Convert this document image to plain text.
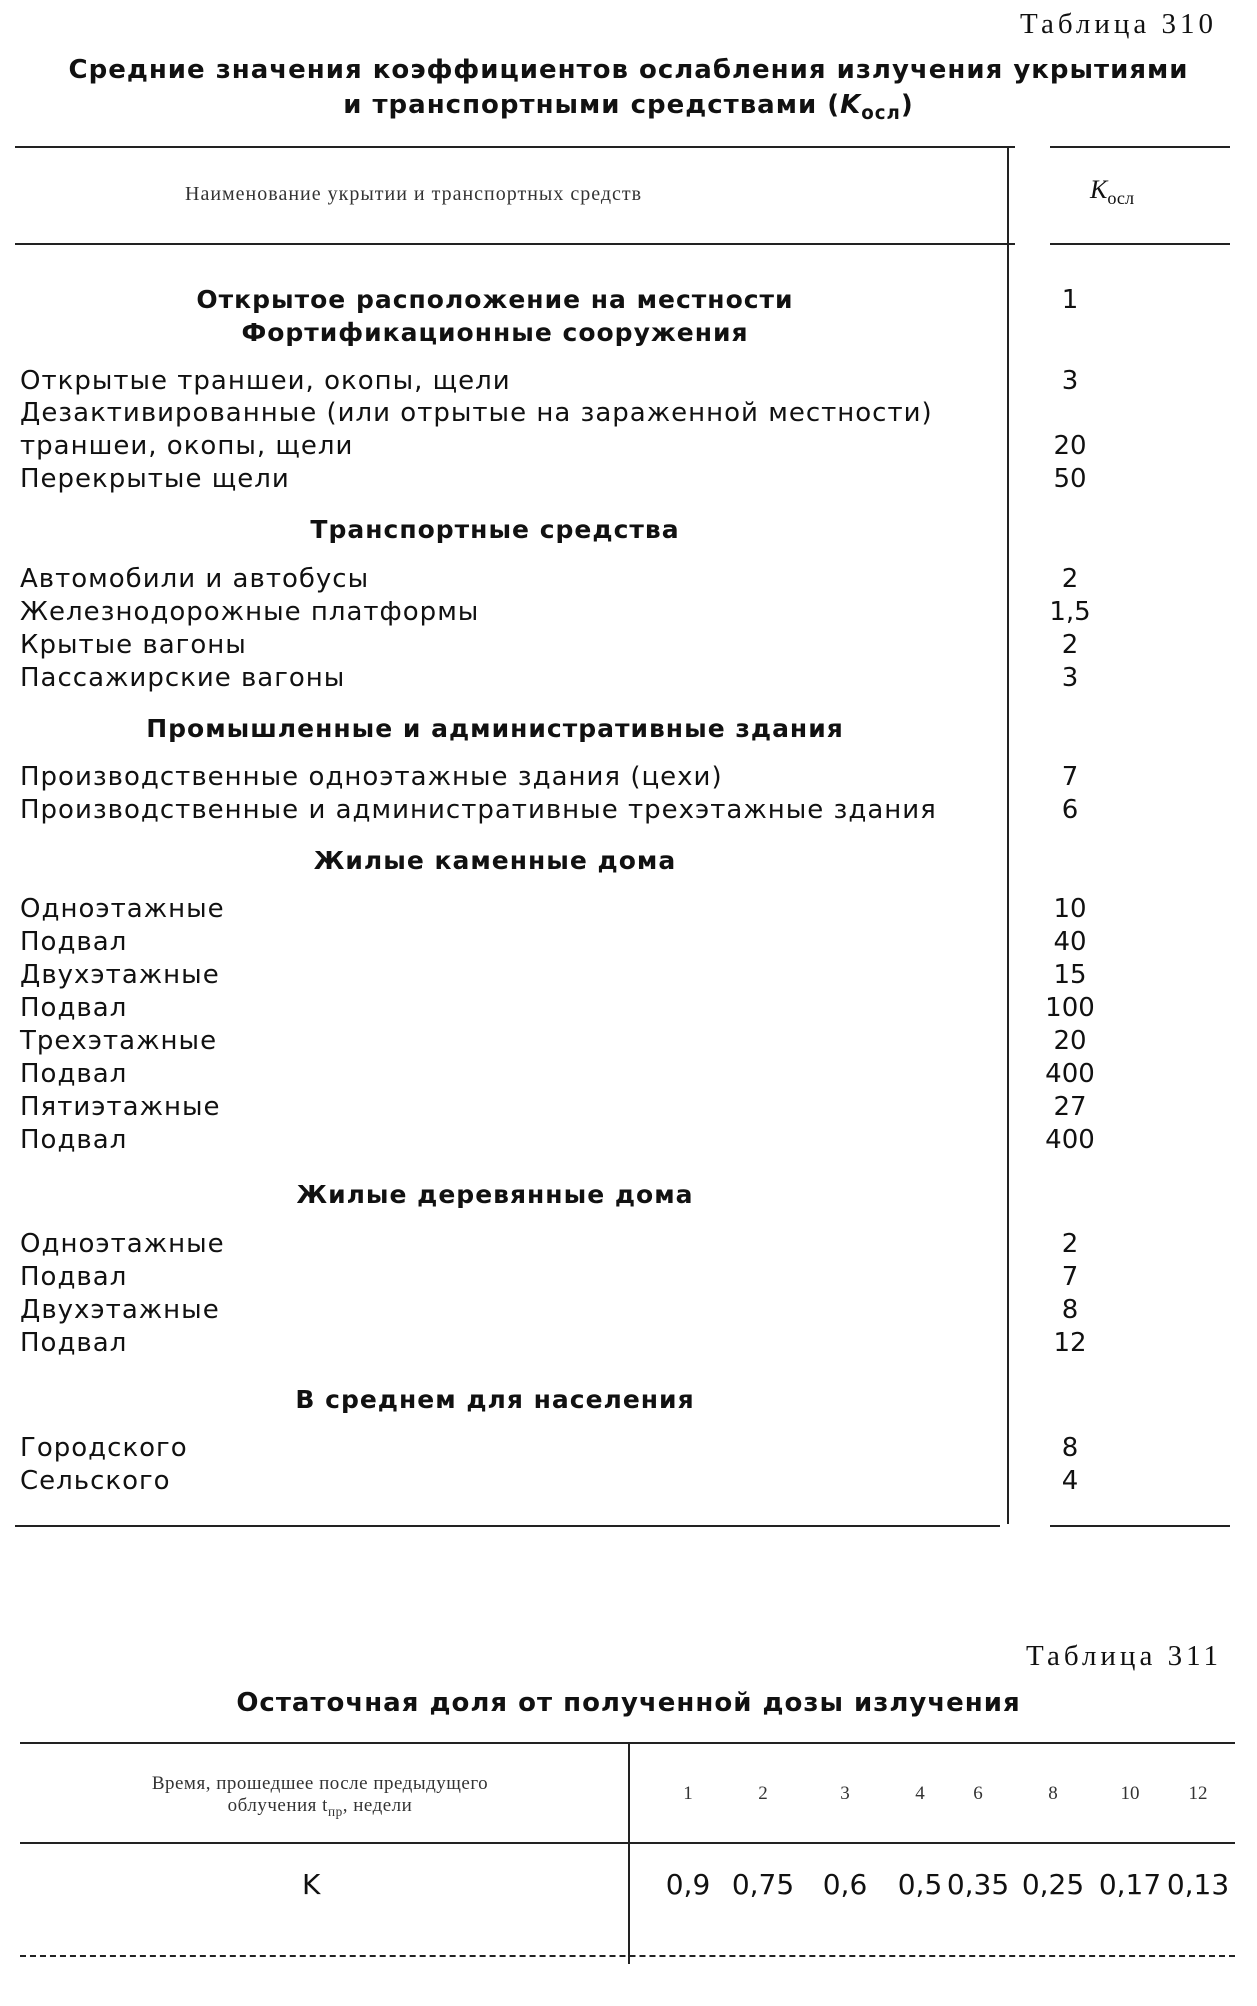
Таблица 310
Средние значения коэффициентов ослабления излучения укрытиями
и транспортными средствами $(K_{осл})$
Наименование укрытии и транспортных средств	$K_{осл}$
Открытое расположение на местности	1
Фортификационные сооружения
Открытые траншеи, окопы, щели	3
Дезактивированные (или отрытые на зараженной местности)
траншеи, окопы, щели	20
Перекрытые щели	50
Транспортные средства
Автомобили и автобусы	2
Железнодорожные платформы	1,5
Крытые вагоны	2
Пассажирские вагоны	3
Промышленные и административные здания
Производственные одноэтажные здания (цехи)	7
Производственные и административные трехэтажные здания	6
Жилые каменные дома
Одноэтажные	10
Подвал	40
Двухэтажные	15
Подвал	100
Трехэтажные	20
Подвал	400
Пятиэтажные	27
Подвал	400
Жилые деревянные дома
Одноэтажные	2
Подвал	7
Двухэтажные	8
Подвал	12
В среднем для населения
Городского	8
Сельского	4
Таблица 311
Остаточная доля от полученной дозы излучения
Время, прошедшее после предыдущего
облучения $t_{пр}$, недели
1	2	3	4	6	8	10	12
K	0,9 0,75	0,6	0,5 0,35 0,25 0,17 0,13
